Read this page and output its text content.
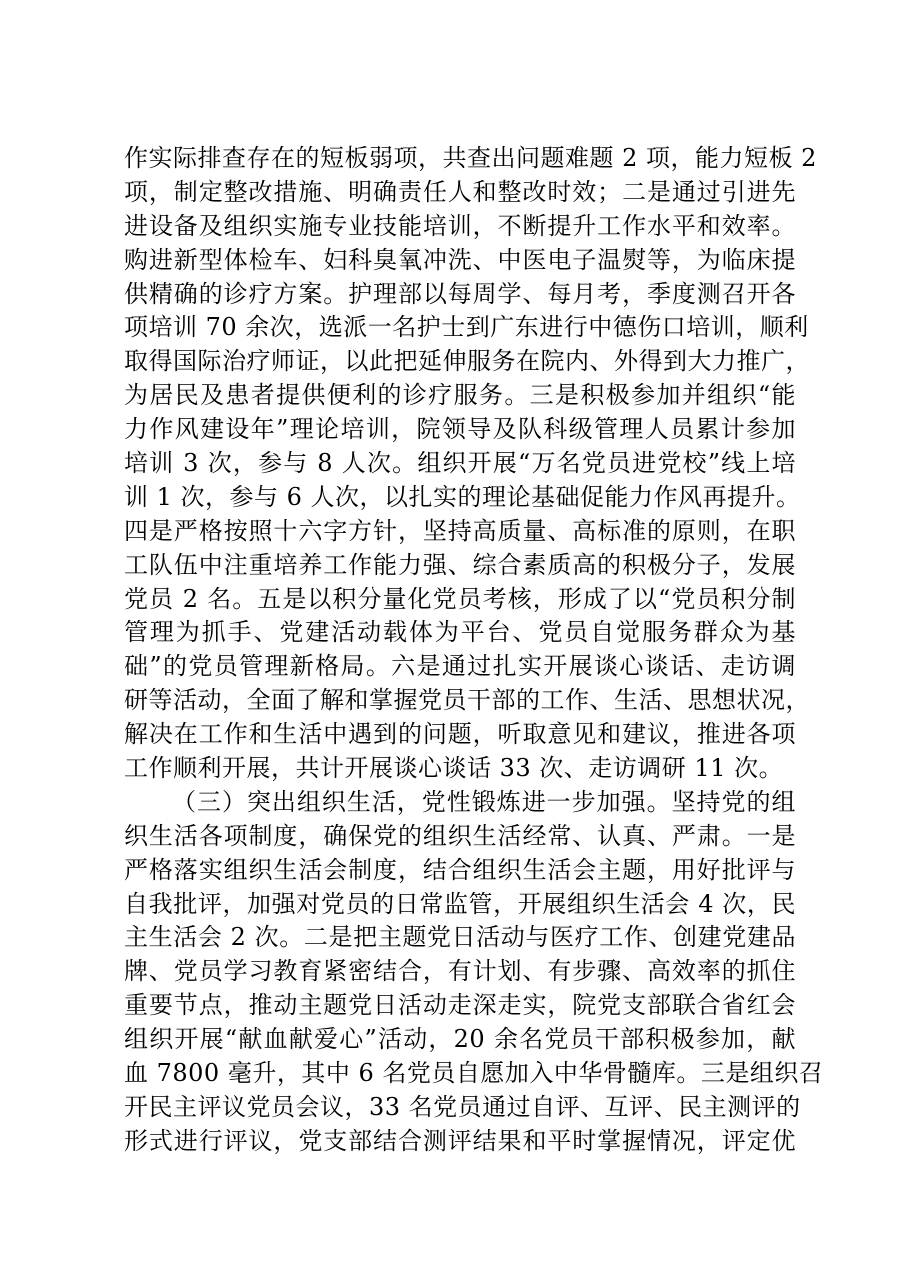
作实际排查存在的短板弱项，共查出问题难题 2 项，能力短板 2
项，制定整改措施、明确责任人和整改时效；二是通过引进先
进设备及组织实施专业技能培训，不断提升工作水平和效率。
购进新型体检车、妇科臭氧冲洗、中医电子温熨等，为临床提
供精确的诊疗方案。护理部以每周学、每月考，季度测召开各
项培训 70 余次，选派一名护士到广东进行中德伤口培训，顺利
取得国际治疗师证，以此把延伸服务在院内、外得到大力推广，
为居民及患者提供便利的诊疗服务。三是积极参加并组织“能
力作风建设年”理论培训，院领导及队科级管理人员累计参加
培训 3 次，参与 8 人次。组织开展“万名党员进党校”线上培
训 1 次，参与 6 人次，以扎实的理论基础促能力作风再提升。
四是严格按照十六字方针，坚持高质量、高标准的原则，在职
工队伍中注重培养工作能力强、综合素质高的积极分子，发展
党员 2 名。五是以积分量化党员考核，形成了以“党员积分制
管理为抓手、党建活动载体为平台、党员自觉服务群众为基
础”的党员管理新格局。六是通过扎实开展谈心谈话、走访调
研等活动，全面了解和掌握党员干部的工作、生活、思想状况，
解决在工作和生活中遇到的问题，听取意见和建议，推进各项
工作顺利开展，共计开展谈心谈话 33 次、走访调研 11 次。
（三）突出组织生活，党性锻炼进一步加强。坚持党的组
织生活各项制度，确保党的组织生活经常、认真、严肃。一是
严格落实组织生活会制度，结合组织生活会主题，用好批评与
自我批评，加强对党员的日常监管，开展组织生活会 4 次，民
主生活会 2 次。二是把主题党日活动与医疗工作、创建党建品
牌、党员学习教育紧密结合，有计划、有步骤、高效率的抓住
重要节点，推动主题党日活动走深走实，院党支部联合省红会
组织开展“献血献爱心”活动，20 余名党员干部积极参加，献
血 7800 毫升，其中 6 名党员自愿加入中华骨髓库。三是组织召
开民主评议党员会议，33 名党员通过自评、互评、民主测评的
形式进行评议，党支部结合测评结果和平时掌握情况，评定优
